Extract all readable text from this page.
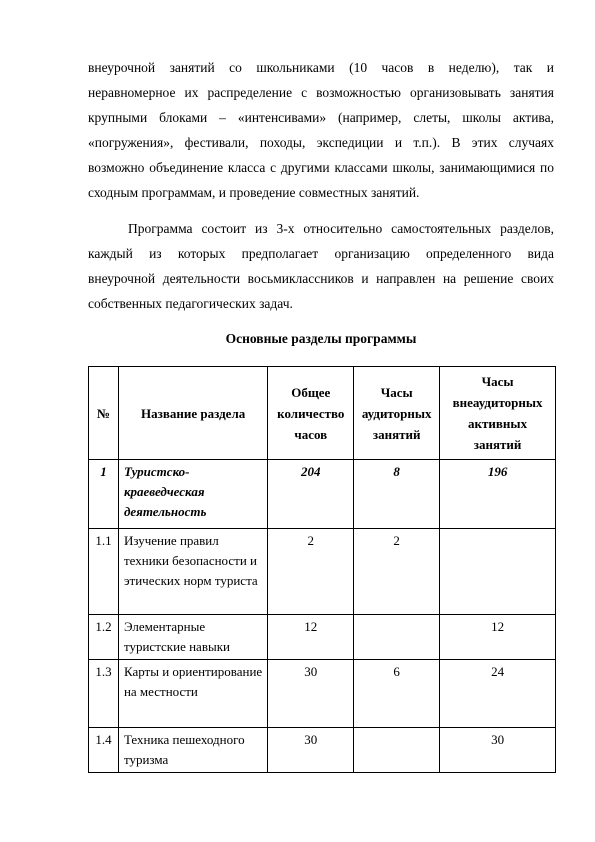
внеурочной занятий со школьниками (10 часов в неделю), так и
неравномерное их распределение с возможностью организовывать занятия
крупными блоками – «интенсивами» (например, слеты, школы актива,
«погружения», фестивали, походы, экспедиции и т.п.). В этих случаях
возможно объединение класса с другими классами школы, занимающимися по
сходным программам, и проведение совместных занятий.
Программа состоит из 3-х относительно самостоятельных разделов,
каждый из которых предполагает организацию определенного вида
внеурочной деятельности восьмиклассников и направлен на решение своих
собственных педагогических задач.
Основные разделы программы
№	Название раздела	Общее количество часов	Часы аудиторных занятий	Часы внеаудиторных активных занятий
1	Туристско-краеведческая деятельность	204	8	196
1.1	Изучение правил техники безопасности и этических норм туриста	2	2	
1.2	Элементарные туристские навыки	12		12
1.3	Карты и ориентирование на местности	30	6	24
1.4	Техника пешеходного туризма	30		30
